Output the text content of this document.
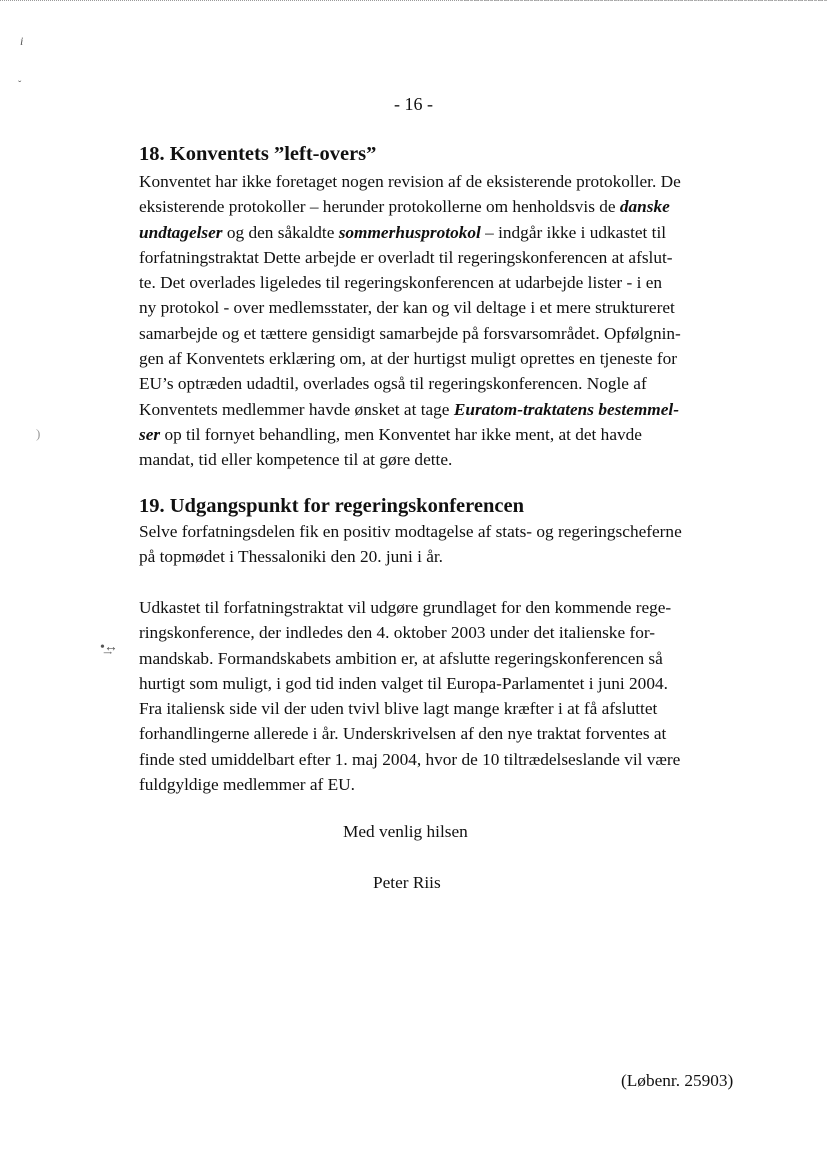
i
ˇ
)
•͢↔
- 16 -
18. Konventets ”left-overs”
Konventet har ikke foretaget nogen revision af de eksisterende protokoller. De
eksisterende protokoller – herunder protokollerne om henholdsvis de danske
undtagelser og den såkaldte sommerhusprotokol – indgår ikke i udkastet til
forfatningstraktat Dette arbejde er overladt til regeringskonferencen at afslut-
te. Det overlades ligeledes til regeringskonferencen at udarbejde lister - i en
ny protokol - over medlemsstater, der kan og vil deltage i et mere struktureret
samarbejde og et tættere gensidigt samarbejde på forsvarsområdet. Opfølgnin-
gen af Konventets erklæring om, at der hurtigst muligt oprettes en tjeneste for
EU’s optræden udadtil, overlades også til regeringskonferencen. Nogle af
Konventets medlemmer havde ønsket at tage Euratom-traktatens bestemmel-
ser op til fornyet behandling, men Konventet har ikke ment, at det havde
mandat, tid eller kompetence til at gøre dette.
19. Udgangspunkt for regeringskonferencen
Selve forfatningsdelen fik en positiv modtagelse af stats- og regeringscheferne
på topmødet i Thessaloniki den 20. juni i år.
Udkastet til forfatningstraktat vil udgøre grundlaget for den kommende rege-
ringskonference, der indledes den 4. oktober 2003 under det italienske for-
mandskab. Formandskabets ambition er, at afslutte regeringskonferencen så
hurtigt som muligt, i god tid inden valget til Europa-Parlamentet i juni 2004.
Fra italiensk side vil der uden tvivl blive lagt mange kræfter i at få afsluttet
forhandlingerne allerede i år. Underskrivelsen af den nye traktat forventes at
finde sted umiddelbart efter 1. maj 2004, hvor de 10 tiltrædelseslande vil være
fuldgyldige medlemmer af EU.
Med venlig hilsen
Peter Riis
(Løbenr. 25903)
